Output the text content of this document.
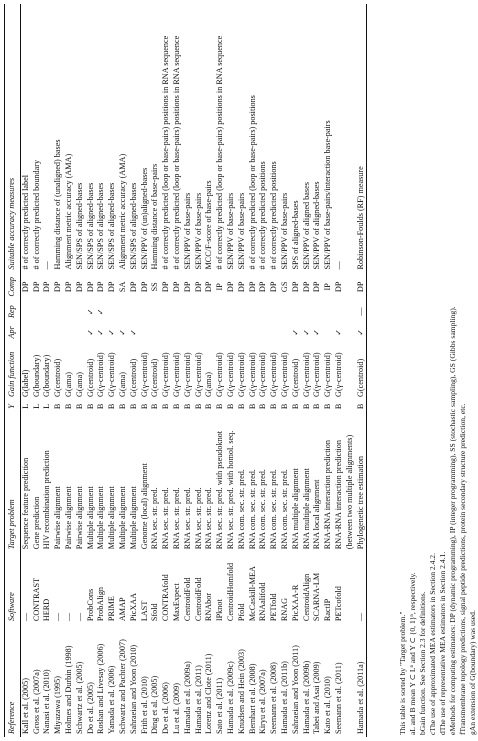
Reference	Software	Target problem	Y	Gain function	Apr	Rep	Comp	Suitable accuracy measures
Kall et al. (2005)	—	Sequence feature prediction	L	G(label)			DP	# of correctly predicted label
Gross et al. (2007a)	CONTRAST	Gene prediction	L	G(boundary)			DP	# of correctly predicted boundary
Nanasi et al. (2010)	HERD	HIV recombination prediction	L	G(boundary)			DP	—
Miyazawa (1995)	—	Pairwise alignment	B	G(centroid)			DP	Hamming distance of (unaligned) bases
Holmes and Durbin (1998)	—	Pairwise alignment	B	G(ama)			DP	Alignment metric accuracy (AMA)
Schwartz et al. (2005)	—	Pairwise alignment	B	G(ama)			DP	SEN/SPS of aligned-bases
Do et al. (2005)	ProbCons	Multiple alignment	B	G(centroid)	✓	✓	DP	SEN/SPS of aligned-bases
Roshan and Livesay (2006)	ProbAlign	Multiple alignment	B	G(γ-centroid)	✓	✓	DP	SEN/SPS of aligned-bases
Yamada et al. (2006)	PRIME	Multiple alignment	B	G(γ-centroid)	✓		DP	SEN/SPS of aligned-bases
Schwartz and Pachter (2007)	AMAP	Multiple alignment	B	G(ama)	✓		SA	Alignment metric accuracy (AMA)
Sahraeian and Yoon (2010)	PicXAA	Multiple alignment	B	G(centroid)	✓		DP	SEN/SPS of aligned-bases
Frith et al. (2010)	LAST	Genome (local) alignment	B	G(γ-centroid)			DP	SEN/PPV of (un)aligned-bases
Ding et al. (2005)	Sfold	RNA sec. str. pred.	B	G(centroid)			SS	Hamming distance of base-pairs
Do et al. (2006)	CONTRAfold	RNA sec. str. pred.	B	G(γ-centroid)			DP	# of correctly predicted (loop or base-pairs) positions in RNA sequence
Lu et al. (2009)	MaxExpect	RNA sec. str. pred.	B	G(γ-centroid)			DP	# of correctly predicted (loop or base-pairs) positions in RNA sequence
Hamada et al. (2009a)	CentroidFold	RNA sec. str. pred.	B	G(γ-centroid)			DP	SEN/PPV of base-pairs
Hamada et al. (2011)	CentroidFold	RNA sec. str. pred.	B	G(γ-centroid)			DP	SEN/PPV of base-pairs
Lorenz and Clote (2011)	RNAbor	RNA sec. str. pred.	B	G(ama)			DP	MCC/F-score of base-pairs
Sato et al. (2011)	IPknot	RNA sec. str. pred. with pseudoknot	B	G(γ-centroid)			IP	# of correctly predicted (loop or base-pairs) positions in RNA sequence
Hamada et al. (2009c)	CentroidHomfold	RNA sec. str. pred. with homol. seq.	B	G(γ-centroid)			DP	SEN/PPV of base-pairs
Knudsen and Hein (2003)	Pfold	RNA com. sec. str. pred.	B	G(γ-centroid)			DP	SEN/PPV of base-pairs
Bernhart et al. (2008)	McCaskill-MEA	RNA com. sec. str. pred.	B	G(γ-centroid)			DP	# of correctly predicted (loop or base-pairs) positions
Kiryu et al. (2007a)	RNAalifold	RNA com. sec. str. pred.	B	G(γ-centroid)			DP	# of correctly predicted positions
Seemann et al. (2008)	PETfold	RNA com. sec. str. pred.	B	G(γ-centroid)			DP	# of correctly predicted positions
Hamada et al. (2011b)	RNAG	RNA com. sec. str. pred.	B	G(γ-centroid)			GS	SEN/PPV of base-pairs
Sahraeian and Yoon (2011)	PicXAA-R	RNA multiple alignment	B	G(centroid)	✓		DP	SPS of aligned-bases
Hamada et al. (2009b)	CentroidAlign	RNA multiple alignment	B	G(γ-centroid)	✓		DP	SEN/PPV of aligned bases
Tabei and Asai (2009)	SCARNA-LM	RNA local alignment	B	G(γ-centroid)	✓		DP	SEN/PPV of aligned-bases
Kato et al. (2010)	RactIP	RNA-RNA interaction prediction	B	G(γ-centroid)			IP	SEN/PPV of base-pairs/interaction base-pairs
Seemann et al. (2011)	PETcofold	RNA-RNA interaction prediction	B	G(γ-centroid)	✓		DP	—
		(between two multiple alignments)						
Hamada et al. (2011a)	—	Phylogenetic tree estimation	B	G(centroid)	✓	—	DP	Robinson-Foulds (RF) measure
This table is sorted by "Target problem." aL and B mean Y ⊂ Lⁿ and Y ⊂ {0, 1}ⁿ, respectively. bGain function. See Section 2.3 for definitions. cThe use of approximated MEA estimators in Section 2.4.2. dThe use of representative MEA estimators in Section 2.4.1. eMethods for computing estimators: DP (dynamic programming), IP (integer programming), SS (stochastic sampling), GS (Gibbs sampling). fTransmembrane topology predictions, signal peptide predictions, protein secondary structure prediction, etc. gAn extension of G(boundary) was used.
